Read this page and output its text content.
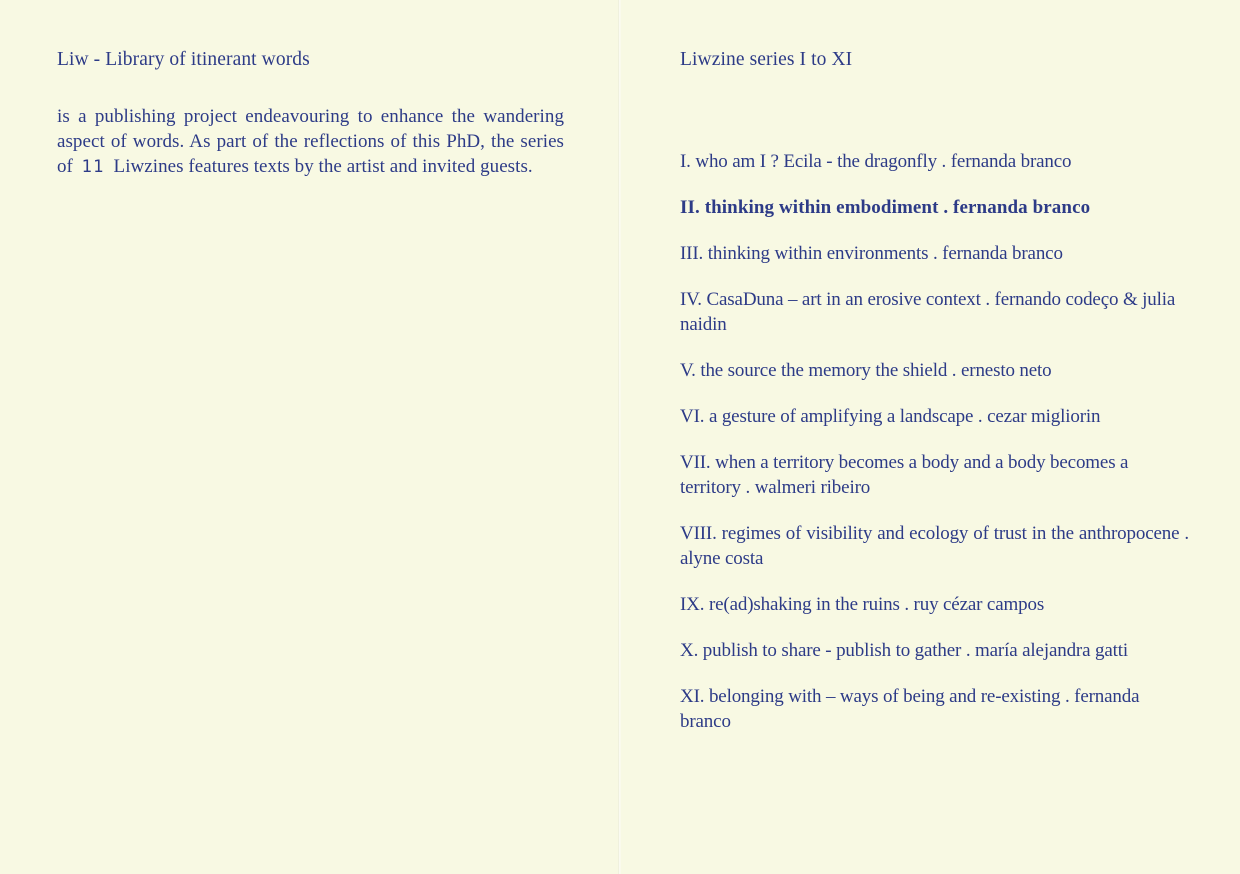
Liw - Library of itinerant words

is a publishing project endeavouring to enhance the wandering aspect of words. As part of the reflections of this PhD, the series of 11 Liwzines features texts by the artist and invited guests.

Liwzine series I to XI
I. who am I ? Ecila - the dragonfly . fernanda branco
II. thinking within embodiment . fernanda branco
III. thinking within environments . fernanda branco
IV. CasaDuna – art in an erosive context . fernando codeço & julia naidin
V. the source the memory the shield . ernesto neto
VI. a gesture of amplifying a landscape . cezar migliorin
VII. when a territory becomes a body and a body becomes a territory . walmeri ribeiro
VIII. regimes of visibility and ecology of trust in the anthropocene . alyne costa
IX. re(ad)shaking in the ruins . ruy cézar campos
X. publish to share - publish to gather . maría alejandra gatti
XI. belonging with – ways of being and re-existing . fernanda branco
